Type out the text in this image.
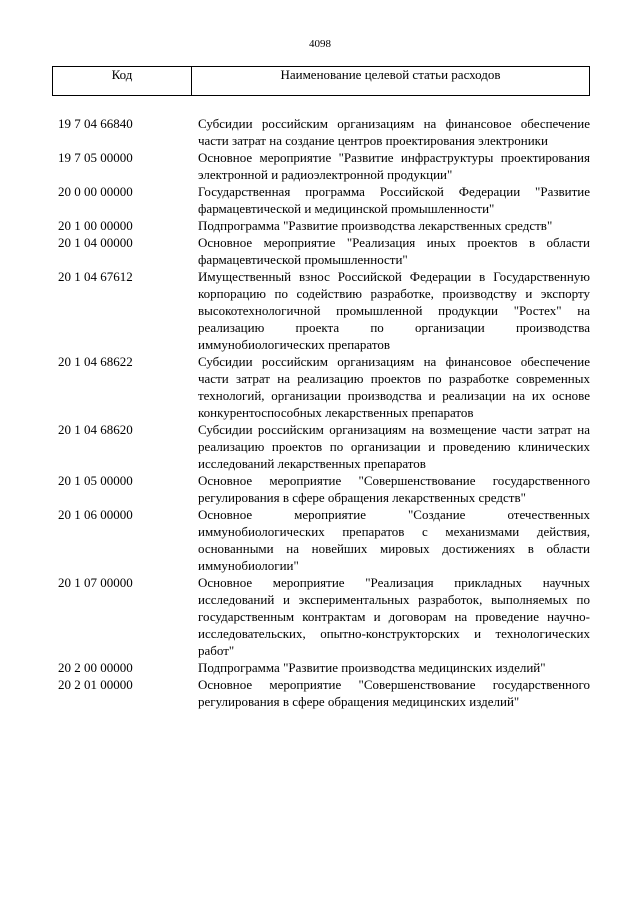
4098
Код	Наименование целевой статьи расходов
19 7 04 66840	Субсидии российским организациям на финансовое обеспечение части затрат на создание центров проектирования электроники
19 7 05 00000	Основное мероприятие "Развитие инфраструктуры проектирования электронной и радиоэлектронной продукции"
20 0 00 00000	Государственная программа Российской Федерации "Развитие фармацевтической и медицинской промышленности"
20 1 00 00000	Подпрограмма "Развитие производства лекарственных средств"
20 1 04 00000	Основное мероприятие "Реализация иных проектов в области фармацевтической промышленности"
20 1 04 67612	Имущественный взнос Российской Федерации в Государственную корпорацию по содействию разработке, производству и экспорту высокотехнологичной промышленной продукции "Ростех" на реализацию проекта по организации производства иммунобиологических препаратов
20 1 04 68622	Субсидии российским организациям на финансовое обеспечение части затрат на реализацию проектов по разработке современных технологий, организации производства и реализации на их основе конкурентоспособных лекарственных препаратов
20 1 04 68620	Субсидии российским организациям на возмещение части затрат на реализацию проектов по организации и проведению клинических исследований лекарственных препаратов
20 1 05 00000	Основное мероприятие "Совершенствование государственного регулирования в сфере обращения лекарственных средств"
20 1 06 00000	Основное мероприятие "Создание отечественных иммунобиологических препаратов с механизмами действия, основанными на новейших мировых достижениях в области иммунобиологии"
20 1 07 00000	Основное мероприятие "Реализация прикладных научных исследований и экспериментальных разработок, выполняемых по государственным контрактам и договорам на проведение научно-исследовательских, опытно-конструкторских и технологических работ"
20 2 00 00000	Подпрограмма "Развитие производства медицинских изделий"
20 2 01 00000	Основное мероприятие "Совершенствование государственного регулирования в сфере обращения медицинских изделий"
